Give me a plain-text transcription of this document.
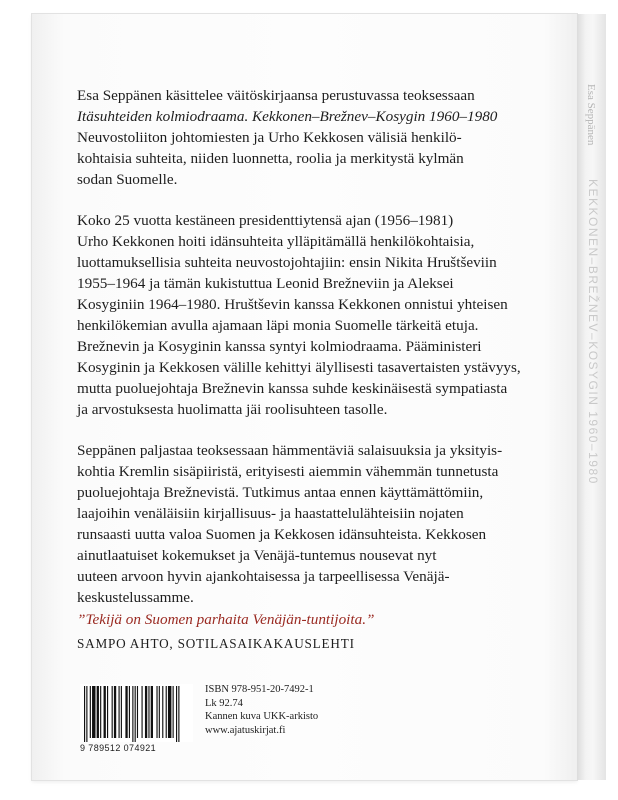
Esa Seppänen
KEKKONEN–BREŽNEV–KOSYGIN 1960–1980

Esa Seppänen käsittelee väitöskirjaansa perustuvassa teoksessaan
Itäsuhteiden kolmiodraama. Kekkonen–Brežnev–Kosygin 1960–1980
Neuvostoliiton johtomiesten ja Urho Kekkosen välisiä henkilö-
kohtaisia suhteita, niiden luonnetta, roolia ja merkitystä kylmän
sodan Suomelle.

Koko 25 vuotta kestäneen presidenttiytensä ajan (1956–1981)
Urho Kekkonen hoiti idänsuhteita ylläpitämällä henkilökohtaisia,
luottamuksellisia suhteita neuvostojohtajiin: ensin Nikita Hruštševiin
1955–1964 ja tämän kukistuttua Leonid Brežneviin ja Aleksei
Kosyginiin 1964–1980. Hruštševin kanssa Kekkonen onnistui yhteisen
henkilökemian avulla ajamaan läpi monia Suomelle tärkeitä etuja.
Brežnevin ja Kosyginin kanssa syntyi kolmiodraama. Pääministeri
Kosyginin ja Kekkosen välille kehittyi älyllisesti tasavertaisten ystävyys,
mutta puoluejohtaja Brežnevin kanssa suhde keskinäisestä sympatiasta
ja arvostuksesta huolimatta jäi roolisuhteen tasolle.

Seppänen paljastaa teoksessaan hämmentäviä salaisuuksia ja yksityis-
kohtia Kremlin sisäpiiristä, erityisesti aiemmin vähemmän tunnetusta
puoluejohtaja Brežnevistä. Tutkimus antaa ennen käyttämättömiin,
laajoihin venäläisiin kirjallisuus- ja haastattelulähteisiin nojaten
runsaasti uutta valoa Suomen ja Kekkosen idänsuhteista. Kekkosen
ainutlaatuiset kokemukset ja Venäjä-tuntemus nousevat nyt
uuteen arvoon hyvin ajankohtaisessa ja tarpeellisessa Venäjä-
keskustelussamme.

”Tekijä on Suomen parhaita Venäjän-tuntijoita.”
SAMPO AHTO, SOTILASAIKAKAUSLEHTI
9 789512 074921
ISBN 978-951-20-7492-1
Lk 92.74
Kannen kuva UKK-arkisto
www.ajatuskirjat.fi
